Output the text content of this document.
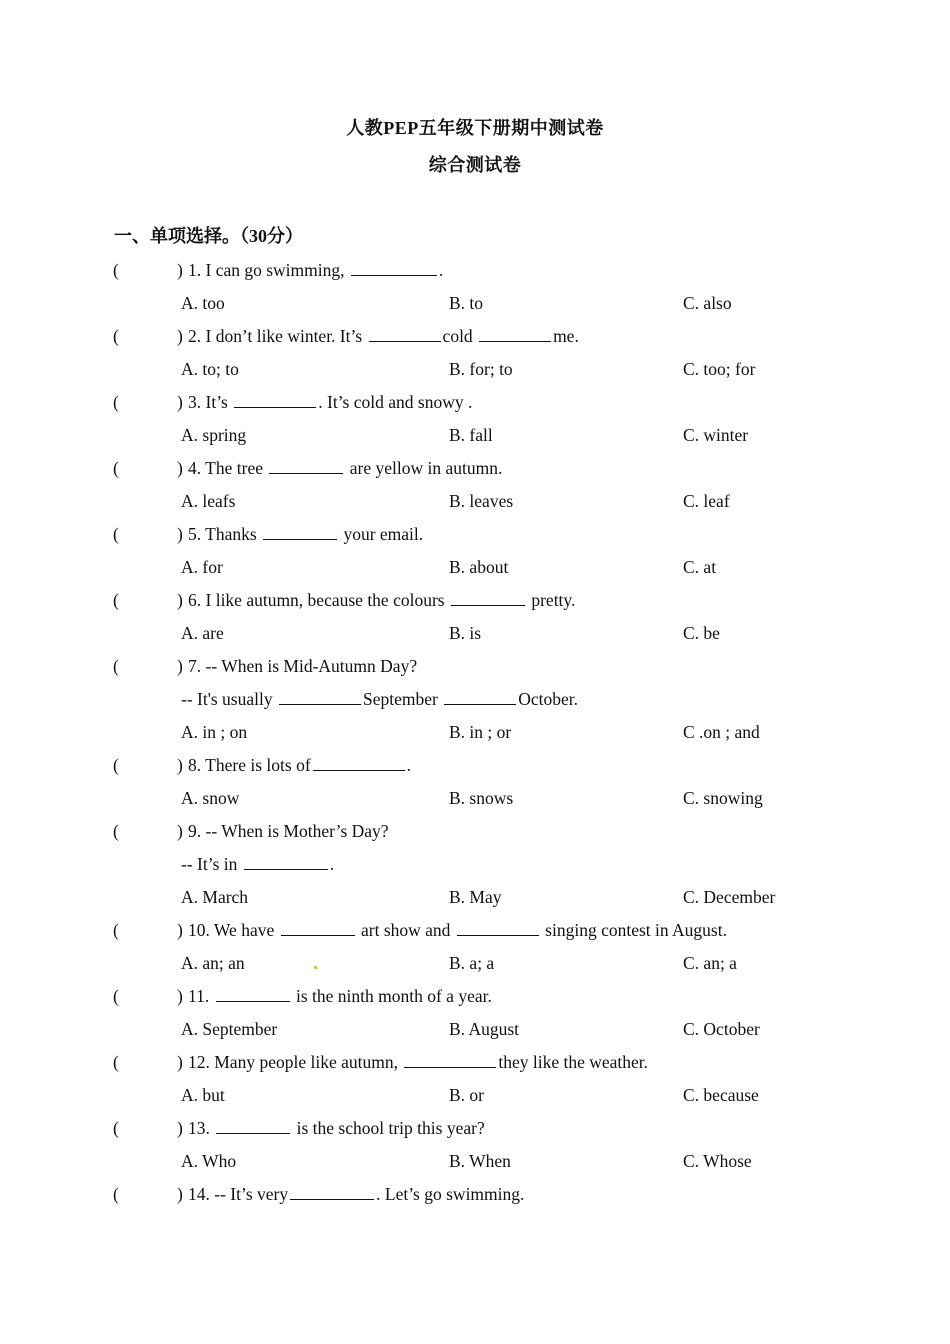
人教PEP五年级下册期中测试卷
综合测试卷
一、单项选择。（30分）
(	) 1. I can go swimming,	.
A. too	B. to	C. also
(	) 2. I don’t like winter. It’s	cold	me.
A. to; to	B. for; to	C. too; for
(	) 3. It’s	. It’s cold and snowy .
A. spring	B. fall	C. winter
(	) 4. The tree	are yellow in autumn.
A. leafs	B. leaves	C. leaf
(	) 5. Thanks	your email.
A. for	B. about	C. at
(	) 6. I like autumn, because the colours	pretty.
A. are	B. is	C. be
(	) 7. -- When is Mid-Autumn Day?
-- It's usually	September	October.
A. in ; on	B. in ; or	C .on ; and
(	) 8. There is lots of	.
A. snow	B. snows	C. snowing
(	) 9. -- When is Mother’s Day?
-- It’s in	.
A. March	B. May	C. December
(	) 10. We have	art show and	singing contest in August.
A. an; an	B. a; a	C. an; a
(	) 11.	is the ninth month of a year.
A. September	B. August	C. October
(	) 12. Many people like autumn,	they like the weather.
A. but	B. or	C. because
(	) 13.	is the school trip this year?
A. Who	B. When	C. Whose
(	) 14. -- It’s very	. Let’s go swimming.
